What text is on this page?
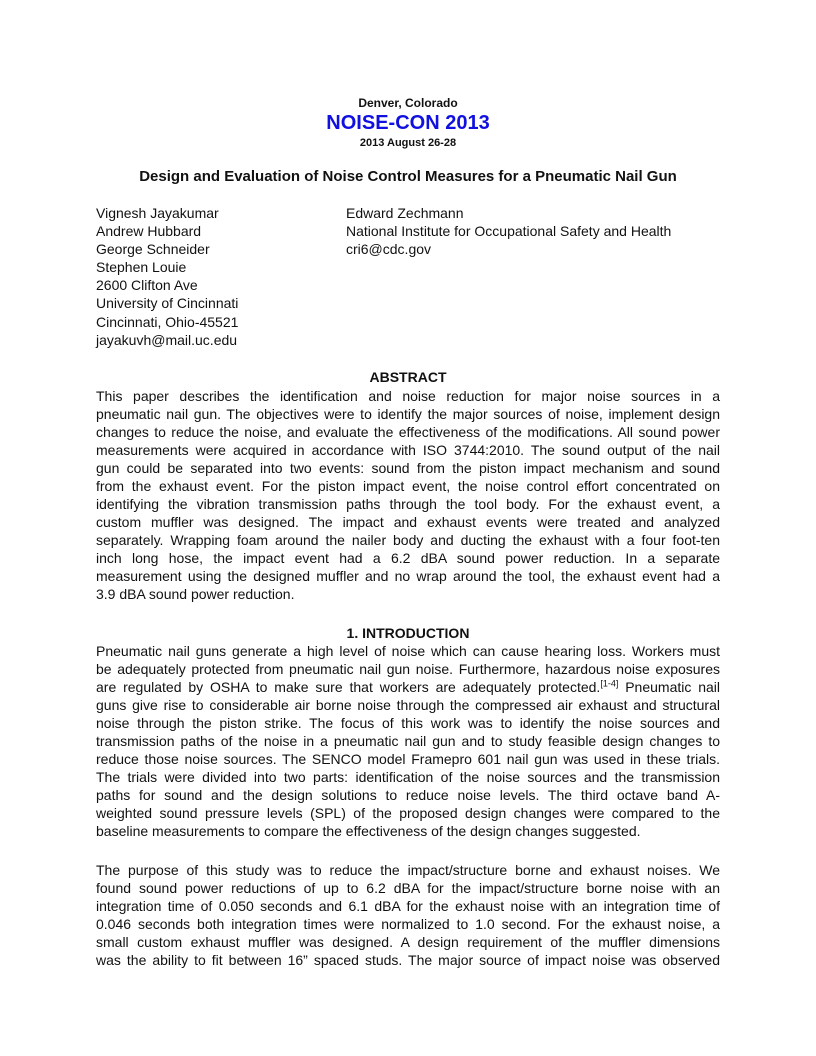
Denver, Colorado
NOISE-CON 2013
2013 August 26-28
Design and Evaluation of Noise Control Measures for a Pneumatic Nail Gun
Vignesh Jayakumar
Andrew Hubbard
George Schneider
Stephen Louie
2600 Clifton Ave
University of Cincinnati
Cincinnati, Ohio-45521
jayakuvh@mail.uc.edu
Edward Zechmann
National Institute for Occupational Safety and Health
cri6@cdc.gov
ABSTRACT
This paper describes the identification and noise reduction for major noise sources in a
pneumatic nail gun. The objectives were to identify the major sources of noise, implement design
changes to reduce the noise, and evaluate the effectiveness of the modifications. All sound power
measurements were acquired in accordance with ISO 3744:2010. The sound output of the nail
gun could be separated into two events: sound from the piston impact mechanism and sound
from the exhaust event. For the piston impact event, the noise control effort concentrated on
identifying the vibration transmission paths through the tool body. For the exhaust event, a
custom muffler was designed. The impact and exhaust events were treated and analyzed
separately. Wrapping foam around the nailer body and ducting the exhaust with a four foot-ten
inch long hose, the impact event had a 6.2 dBA sound power reduction. In a separate
measurement using the designed muffler and no wrap around the tool, the exhaust event had a
3.9 dBA sound power reduction.
1. INTRODUCTION
Pneumatic nail guns generate a high level of noise which can cause hearing loss. Workers must
be adequately protected from pneumatic nail gun noise. Furthermore, hazardous noise exposures
are regulated by OSHA to make sure that workers are adequately protected.[1-4] Pneumatic nail
guns give rise to considerable air borne noise through the compressed air exhaust and structural
noise through the piston strike. The focus of this work was to identify the noise sources and
transmission paths of the noise in a pneumatic nail gun and to study feasible design changes to
reduce those noise sources. The SENCO model Framepro 601 nail gun was used in these trials.
The trials were divided into two parts: identification of the noise sources and the transmission
paths for sound and the design solutions to reduce noise levels. The third octave band A-
weighted sound pressure levels (SPL) of the proposed design changes were compared to the
baseline measurements to compare the effectiveness of the design changes suggested.
The purpose of this study was to reduce the impact/structure borne and exhaust noises. We
found sound power reductions of up to 6.2 dBA for the impact/structure borne noise with an
integration time of 0.050 seconds and 6.1 dBA for the exhaust noise with an integration time of
0.046 seconds both integration times were normalized to 1.0 second. For the exhaust noise, a
small custom exhaust muffler was designed. A design requirement of the muffler dimensions
was the ability to fit between 16” spaced studs. The major source of impact noise was observed
